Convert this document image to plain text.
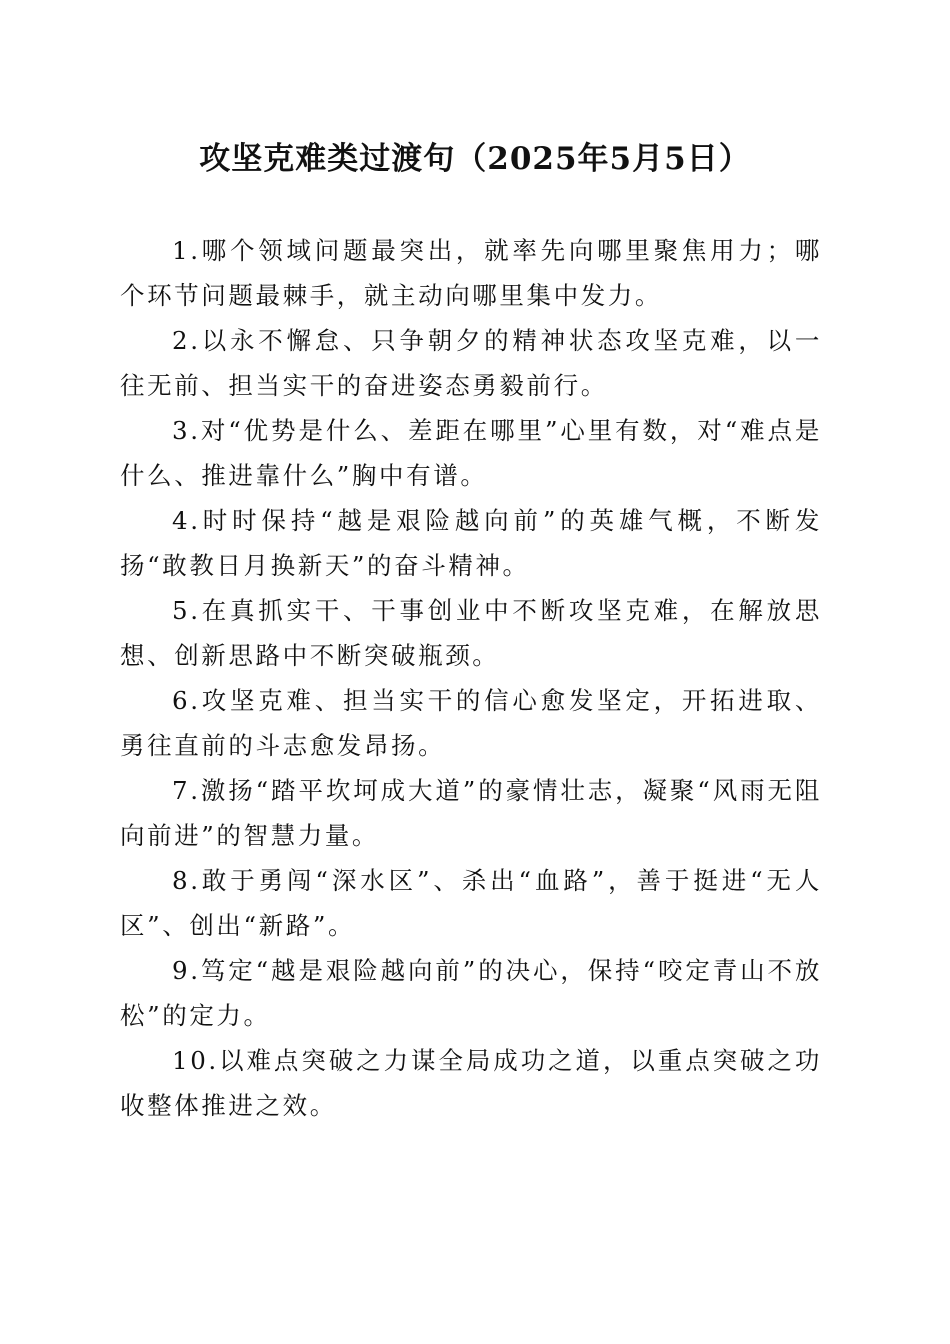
攻坚克难类过渡句（2025年5月5日）

1.哪个领域问题最突出，就率先向哪里聚焦用力；哪个环节问题最棘手，就主动向哪里集中发力。

2.以永不懈怠、只争朝夕的精神状态攻坚克难，以一往无前、担当实干的奋进姿态勇毅前行。

3.对“优势是什么、差距在哪里”心里有数，对“难点是什么、推进靠什么”胸中有谱。

4.时时保持“越是艰险越向前”的英雄气概，不断发扬“敢教日月换新天”的奋斗精神。

5.在真抓实干、干事创业中不断攻坚克难，在解放思想、创新思路中不断突破瓶颈。

6.攻坚克难、担当实干的信心愈发坚定，开拓进取、勇往直前的斗志愈发昂扬。

7.激扬“踏平坎坷成大道”的豪情壮志，凝聚“风雨无阻向前进”的智慧力量。

8.敢于勇闯“深水区”、杀出“血路”，善于挺进“无人区”、创出“新路”。

9.笃定“越是艰险越向前”的决心，保持“咬定青山不放松”的定力。

10.以难点突破之力谋全局成功之道，以重点突破之功收整体推进之效。
